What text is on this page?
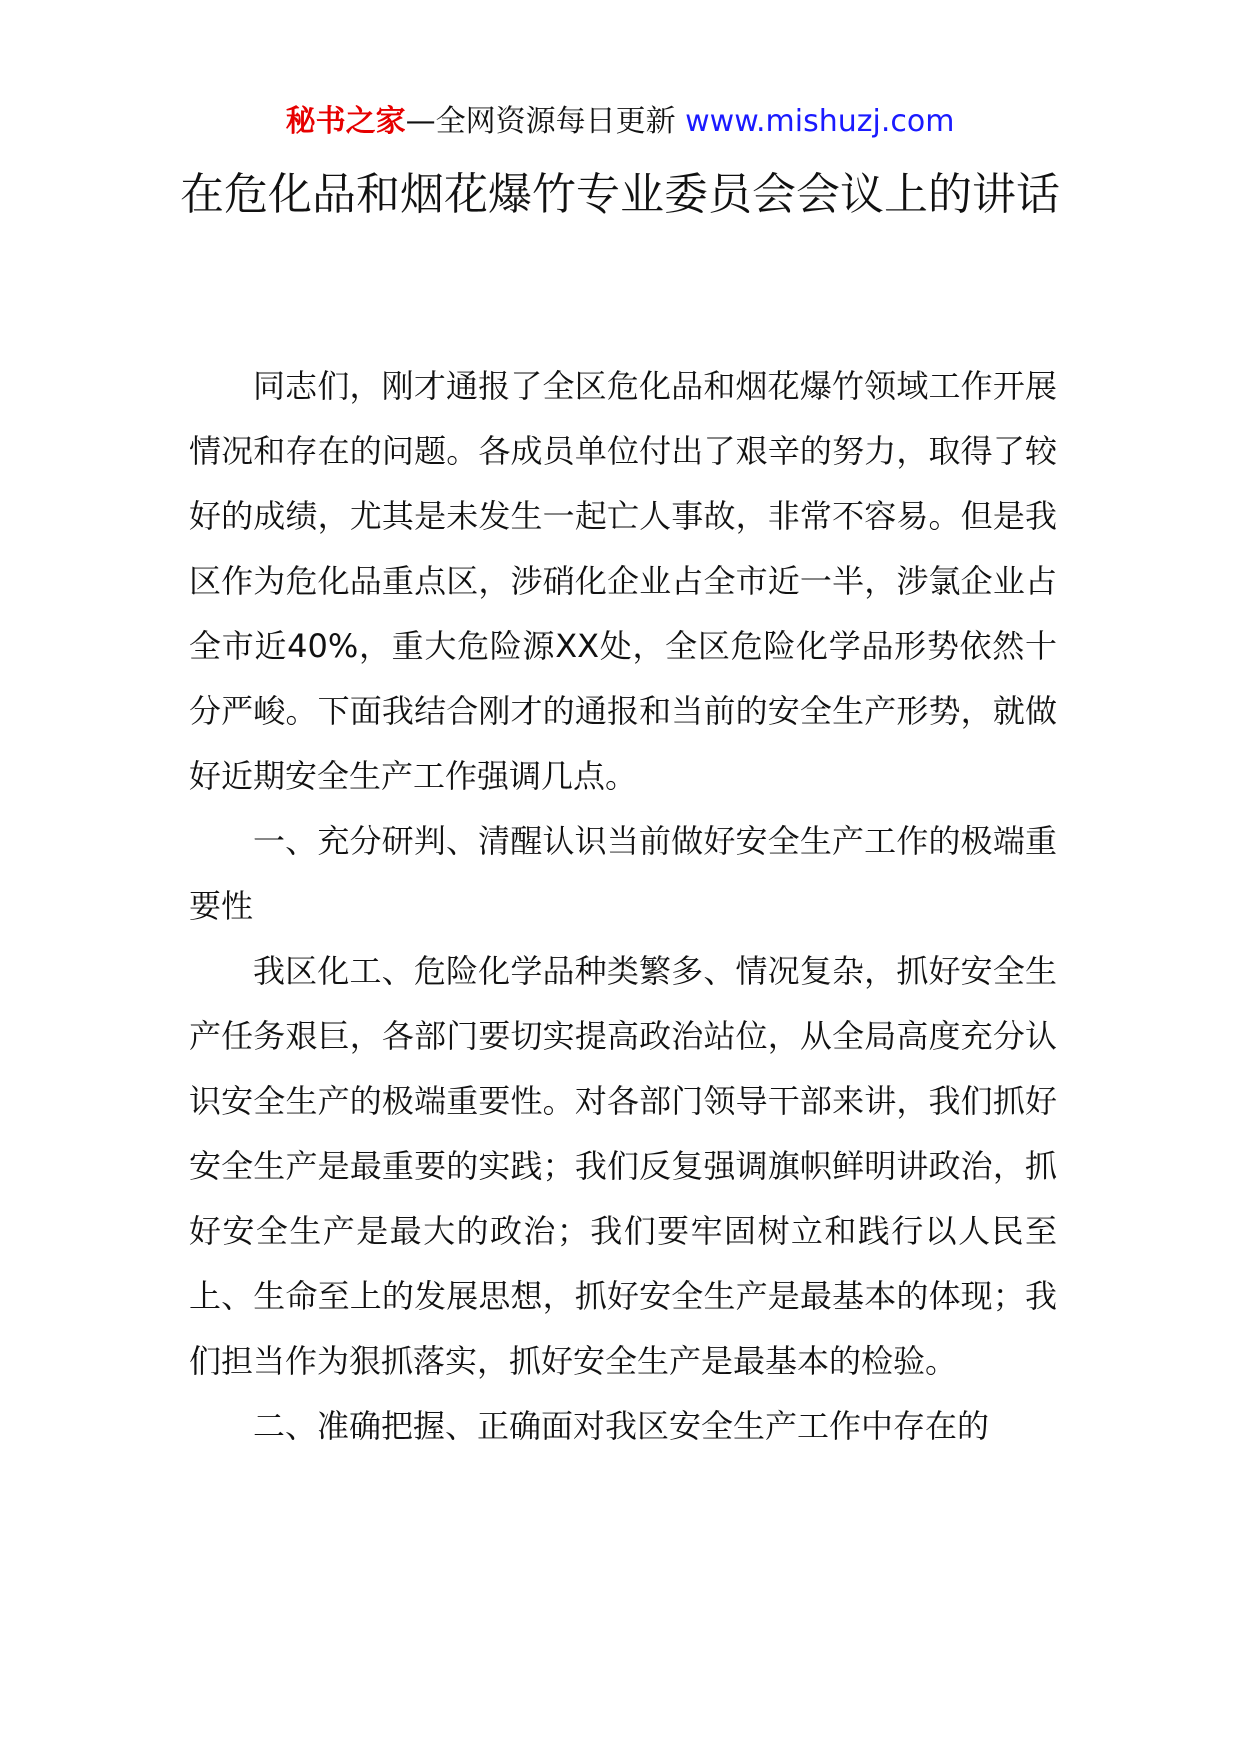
秘书之家—全网资源每日更新 www.mishuzj.com
在危化品和烟花爆竹专业委员会会议上的讲话

同志们，刚才通报了全区危化品和烟花爆竹领域工作开展情况和存在的问题。各成员单位付出了艰辛的努力，取得了较好的成绩，尤其是未发生一起亡人事故，非常不容易。但是我区作为危化品重点区，涉硝化企业占全市近一半，涉氯企业占全市近40%，重大危险源XX处，全区危险化学品形势依然十分严峻。下面我结合刚才的通报和当前的安全生产形势，就做好近期安全生产工作强调几点。

一、充分研判、清醒认识当前做好安全生产工作的极端重要性

我区化工、危险化学品种类繁多、情况复杂，抓好安全生产任务艰巨，各部门要切实提高政治站位，从全局高度充分认识安全生产的极端重要性。对各部门领导干部来讲，我们抓好安全生产是最重要的实践；我们反复强调旗帜鲜明讲政治，抓好安全生产是最大的政治；我们要牢固树立和践行以人民至上、生命至上的发展思想，抓好安全生产是最基本的体现；我们担当作为狠抓落实，抓好安全生产是最基本的检验。

二、准确把握、正确面对我区安全生产工作中存在的
